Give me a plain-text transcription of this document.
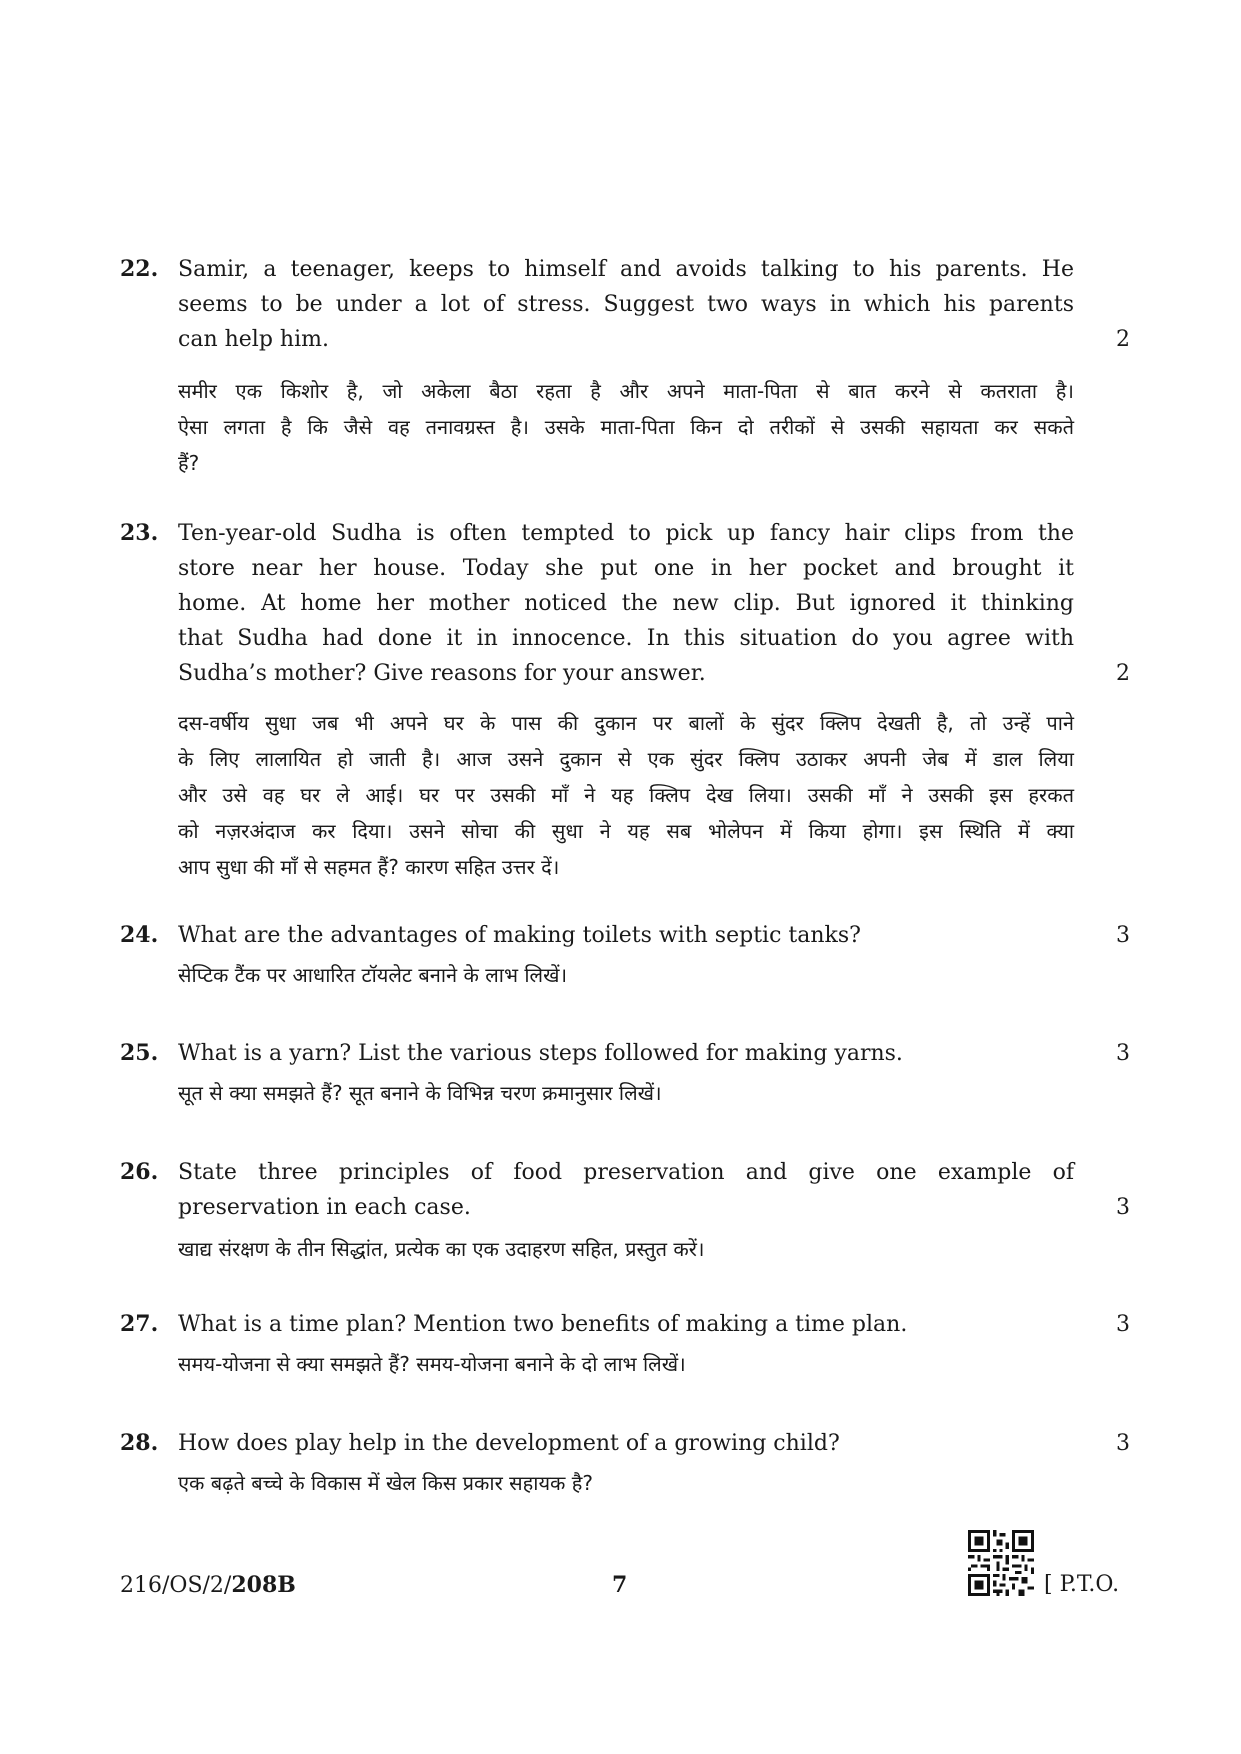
22. Samir, a teenager, keeps to himself and avoids talking to his parents. He
seems to be under a lot of stress. Suggest two ways in which his parents
can help him.	2
समीर एक किशोर है, जो अकेला बैठा रहता है और अपने माता-पिता से बात करने से कतराता है।
ऐसा लगता है कि जैसे वह तनावग्रस्त है। उसके माता-पिता किन दो तरीकों से उसकी सहायता कर सकते
हैं?
23. Ten-year-old Sudha is often tempted to pick up fancy hair clips from the
store near her house. Today she put one in her pocket and brought it
home. At home her mother noticed the new clip. But ignored it thinking
that Sudha had done it in innocence. In this situation do you agree with
Sudha’s mother? Give reasons for your answer.	2
दस-वर्षीय सुधा जब भी अपने घर के पास की दुकान पर बालों के सुंदर क्लिप देखती है, तो उन्हें पाने
के लिए लालायित हो जाती है। आज उसने दुकान से एक सुंदर क्लिप उठाकर अपनी जेब में डाल लिया
और उसे वह घर ले आई। घर पर उसकी माँ ने यह क्लिप देख लिया। उसकी माँ ने उसकी इस हरकत
को नज़रअंदाज कर दिया। उसने सोचा की सुधा ने यह सब भोलेपन में किया होगा। इस स्थिति में क्या
आप सुधा की माँ से सहमत हैं? कारण सहित उत्तर दें।
24. What are the advantages of making toilets with septic tanks?	3
सेप्टिक टैंक पर आधारित टॉयलेट बनाने के लाभ लिखें।
25. What is a yarn? List the various steps followed for making yarns.	3
सूत से क्या समझते हैं? सूत बनाने के विभिन्न चरण क्रमानुसार लिखें।
26. State three principles of food preservation and give one example of
preservation in each case.	3
खाद्य संरक्षण के तीन सिद्धांत, प्रत्येक का एक उदाहरण सहित, प्रस्तुत करें।
27. What is a time plan? Mention two benefits of making a time plan.	3
समय-योजना से क्या समझते हैं? समय-योजना बनाने के दो लाभ लिखें।
28. How does play help in the development of a growing child?	3
एक बढ़ते बच्चे के विकास में खेल किस प्रकार सहायक है?
216/OS/2/208B	7	[ P.T.O.
